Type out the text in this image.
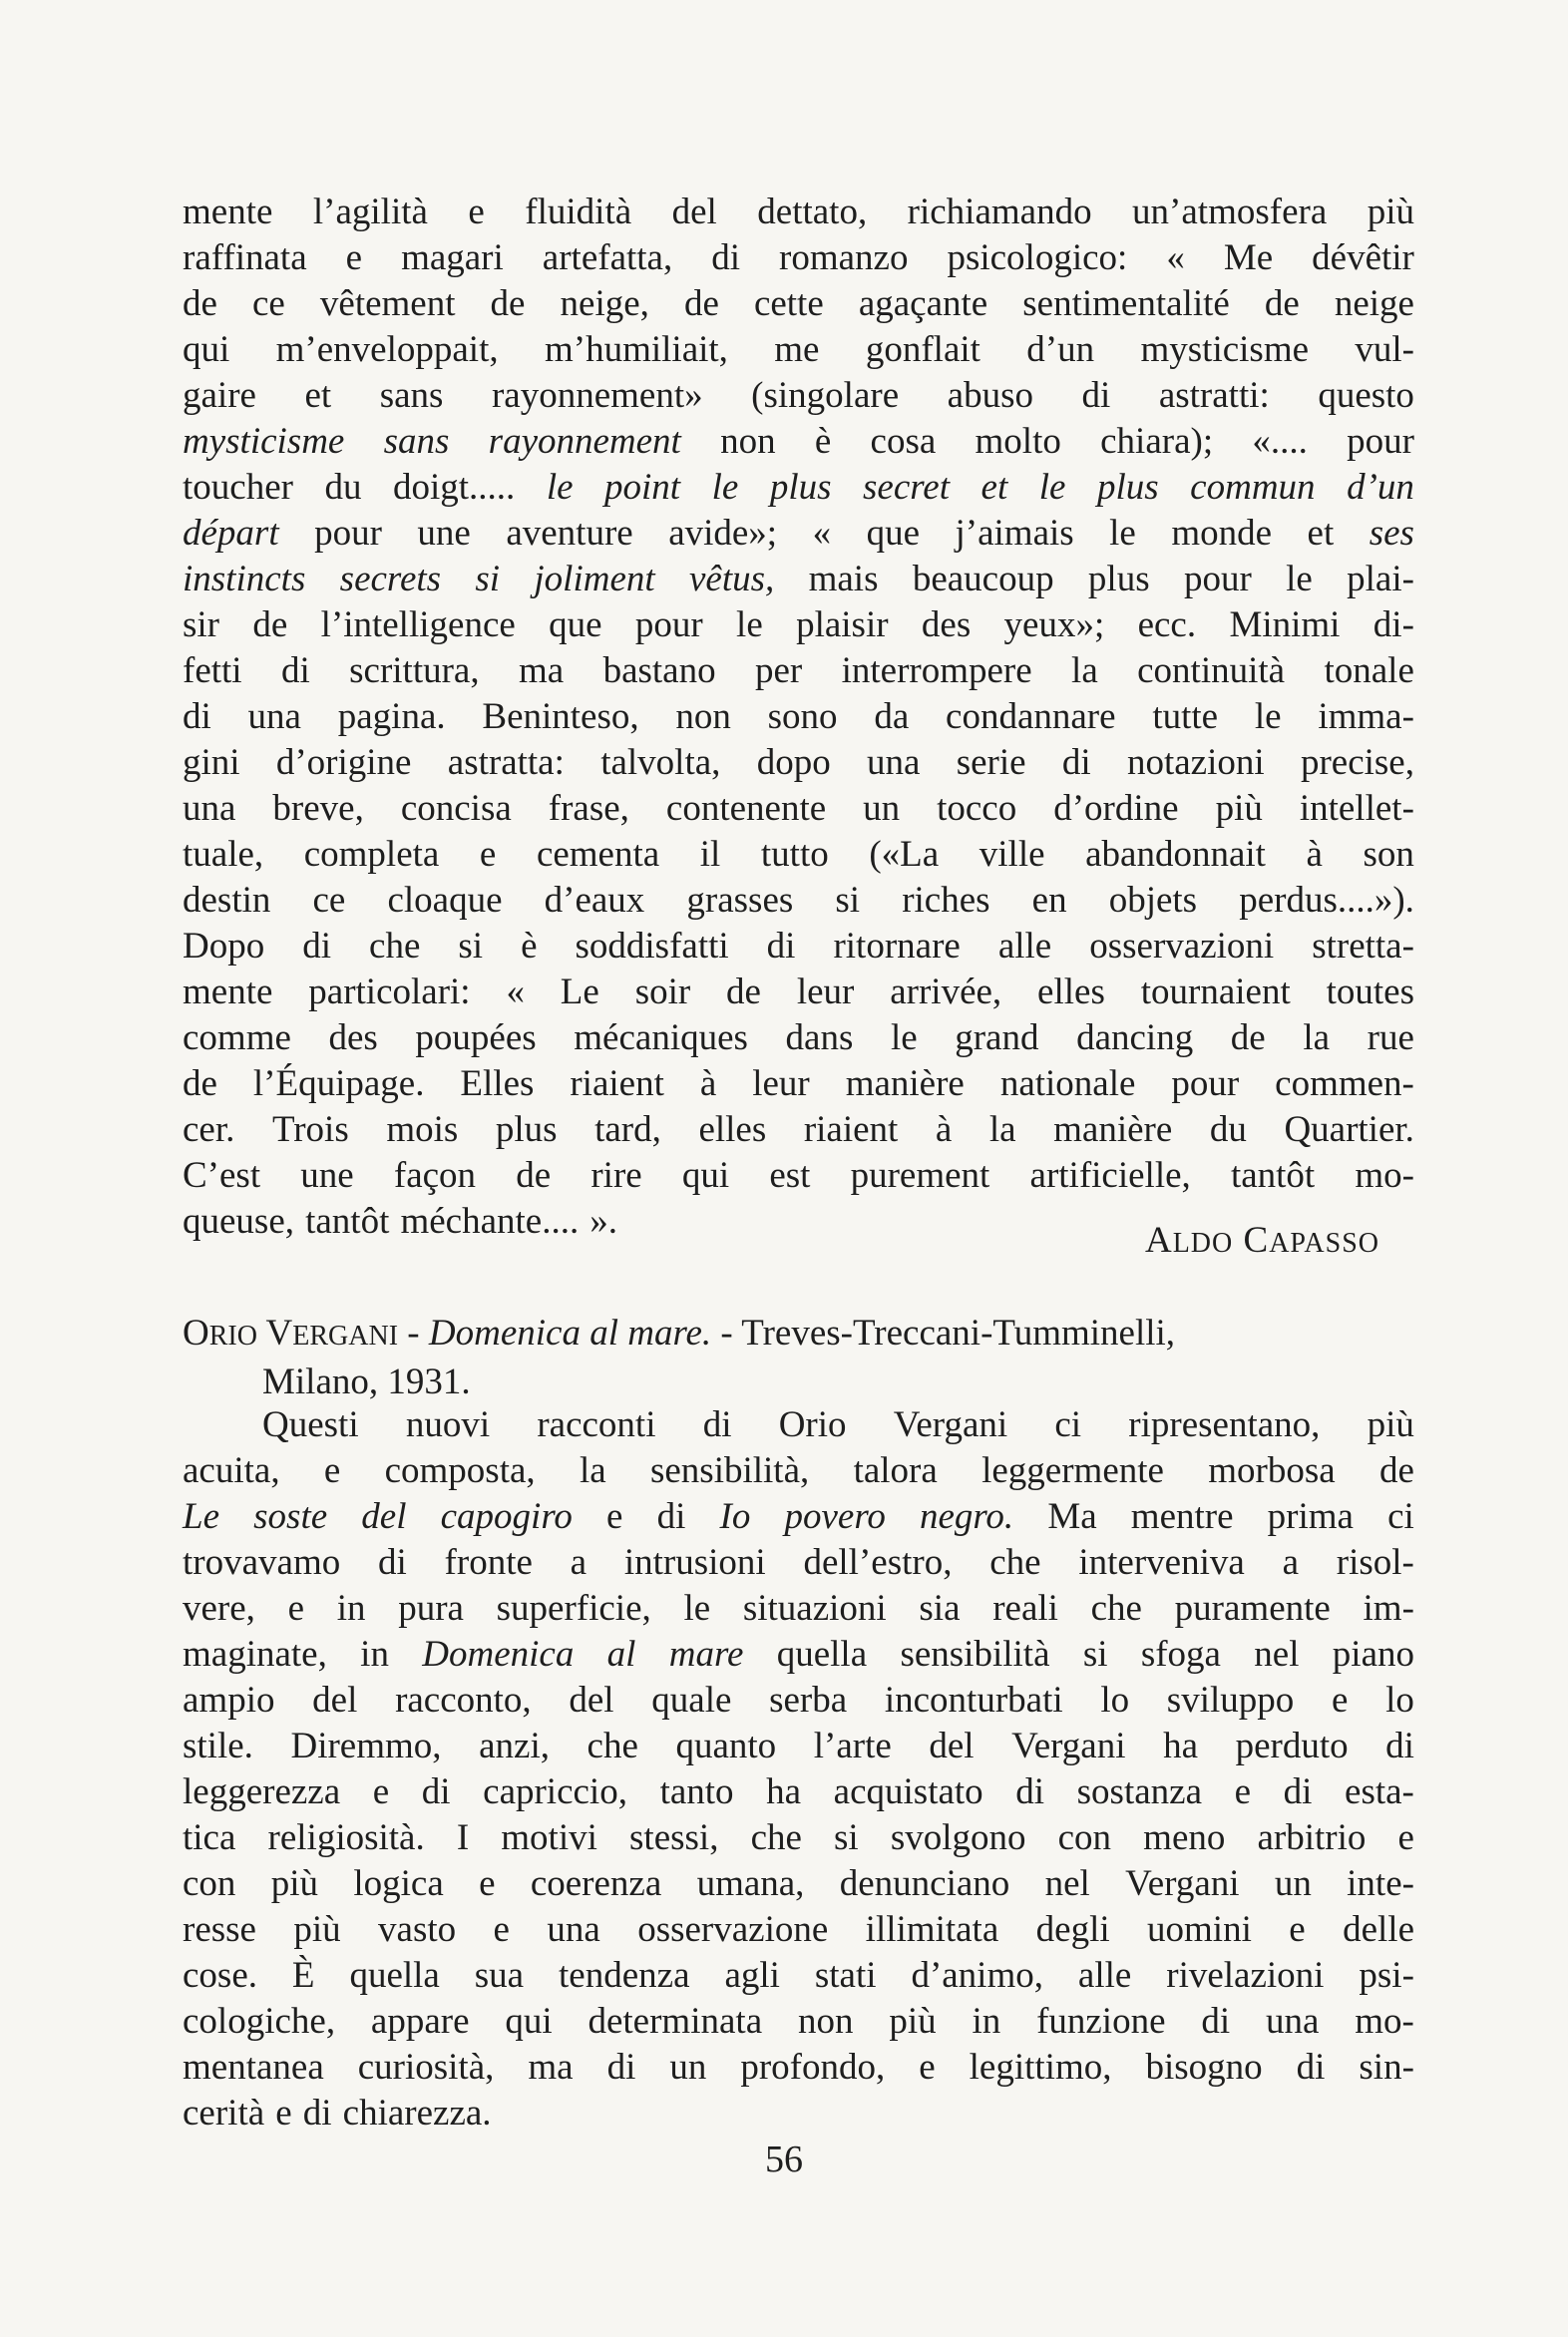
mente l’agilità e fluidità del dettato, richiamando un’atmosfera più
raffinata e magari artefatta, di romanzo psicologico: « Me dévêtir
de ce vêtement de neige, de cette agaçante sentimentalité de neige
qui m’enveloppait, m’humiliait, me gonflait d’un mysticisme vul-
gaire et sans rayonnement» (singolare abuso di astratti: questo
mysticisme sans rayonnement non è cosa molto chiara); «.... pour
toucher du doigt..... le point le plus secret et le plus commun d’un
départ pour une aventure avide»; « que j’aimais le monde et ses
instincts secrets si joliment vêtus, mais beaucoup plus pour le plai-
sir de l’intelligence que pour le plaisir des yeux»; ecc. Minimi di-
fetti di scrittura, ma bastano per interrompere la continuità tonale
di una pagina. Beninteso, non sono da condannare tutte le imma-
gini d’origine astratta: talvolta, dopo una serie di notazioni precise,
una breve, concisa frase, contenente un tocco d’ordine più intellet-
tuale, completa e cementa il tutto («La ville abandonnait à son
destin ce cloaque d’eaux grasses si riches en objets perdus....»).
Dopo di che si è soddisfatti di ritornare alle osservazioni stretta-
mente particolari: « Le soir de leur arrivée, elles tournaient toutes
comme des poupées mécaniques dans le grand dancing de la rue
de l’Équipage. Elles riaient à leur manière nationale pour commen-
cer. Trois mois plus tard, elles riaient à la manière du Quartier.
C’est une façon de rire qui est purement artificielle, tantôt mo-
queuse, tantôt méchante.... ».	ALDO CAPASSO
ORIO VERGANI - Domenica al mare. - Treves-Treccani-Tumminelli,
Milano, 1931.
Questi nuovi racconti di Orio Vergani ci ripresentano, più
acuita, e composta, la sensibilità, talora leggermente morbosa de
Le soste del capogiro e di Io povero negro. Ma mentre prima ci
trovavamo di fronte a intrusioni dell’estro, che interveniva a risol-
vere, e in pura superficie, le situazioni sia reali che puramente im-
maginate, in Domenica al mare quella sensibilità si sfoga nel piano
ampio del racconto, del quale serba inconturbati lo sviluppo e lo
stile. Diremmo, anzi, che quanto l’arte del Vergani ha perduto di
leggerezza e di capriccio, tanto ha acquistato di sostanza e di esta-
tica religiosità. I motivi stessi, che si svolgono con meno arbitrio e
con più logica e coerenza umana, denunciano nel Vergani un inte-
resse più vasto e una osservazione illimitata degli uomini e delle
cose. È quella sua tendenza agli stati d’animo, alle rivelazioni psi-
cologiche, appare qui determinata non più in funzione di una mo-
mentanea curiosità, ma di un profondo, e legittimo, bisogno di sin-
cerità e di chiarezza.
56
